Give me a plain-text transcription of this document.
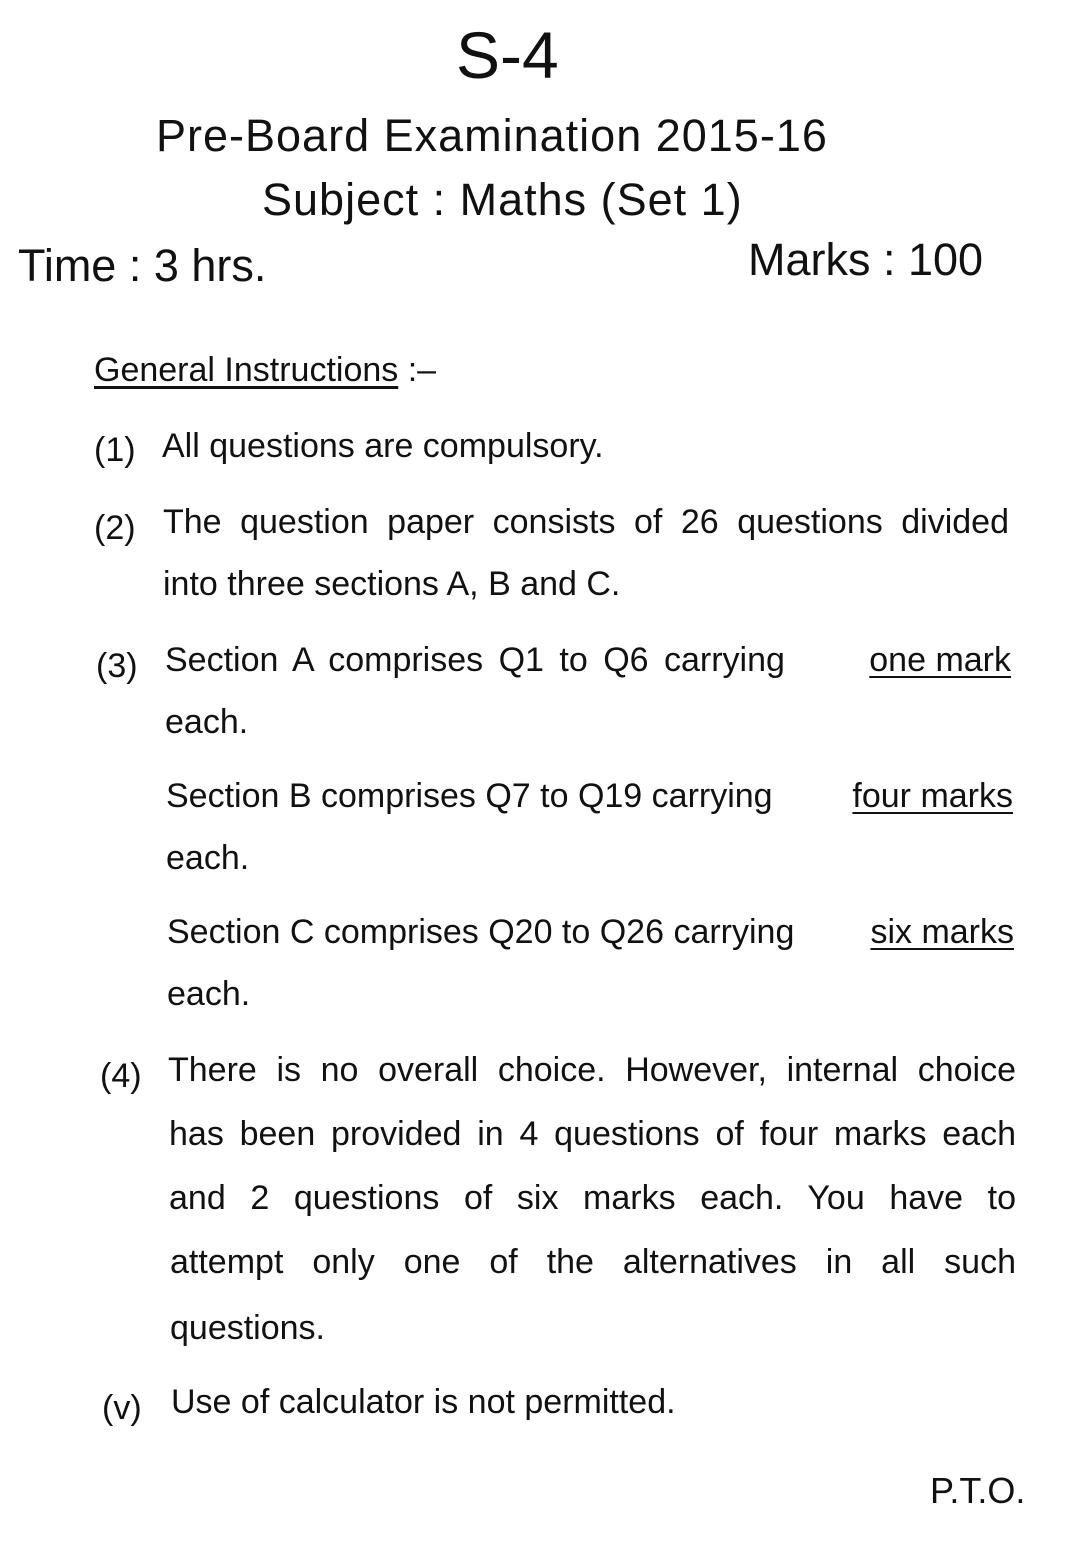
S-4
Pre-Board Examination 2015-16
Subject : Maths (Set 1)
Time : 3 hrs.	Marks : 100
General Instructions :–
(1) All questions are compulsory.
(2) The question paper consists of 26 questions divided
into three sections A, B and C.
(3) Section A comprises Q1 to Q6 carrying one mark
each.
Section B comprises Q7 to Q19 carrying four marks
each.
Section C comprises Q20 to Q26 carrying six marks
each.
(4) There is no overall choice. However, internal choice
has been provided in 4 questions of four marks each
and 2 questions of six marks each. You have to
attempt only one of the alternatives in all such
questions.
(v) Use of calculator is not permitted.
P.T.O.
